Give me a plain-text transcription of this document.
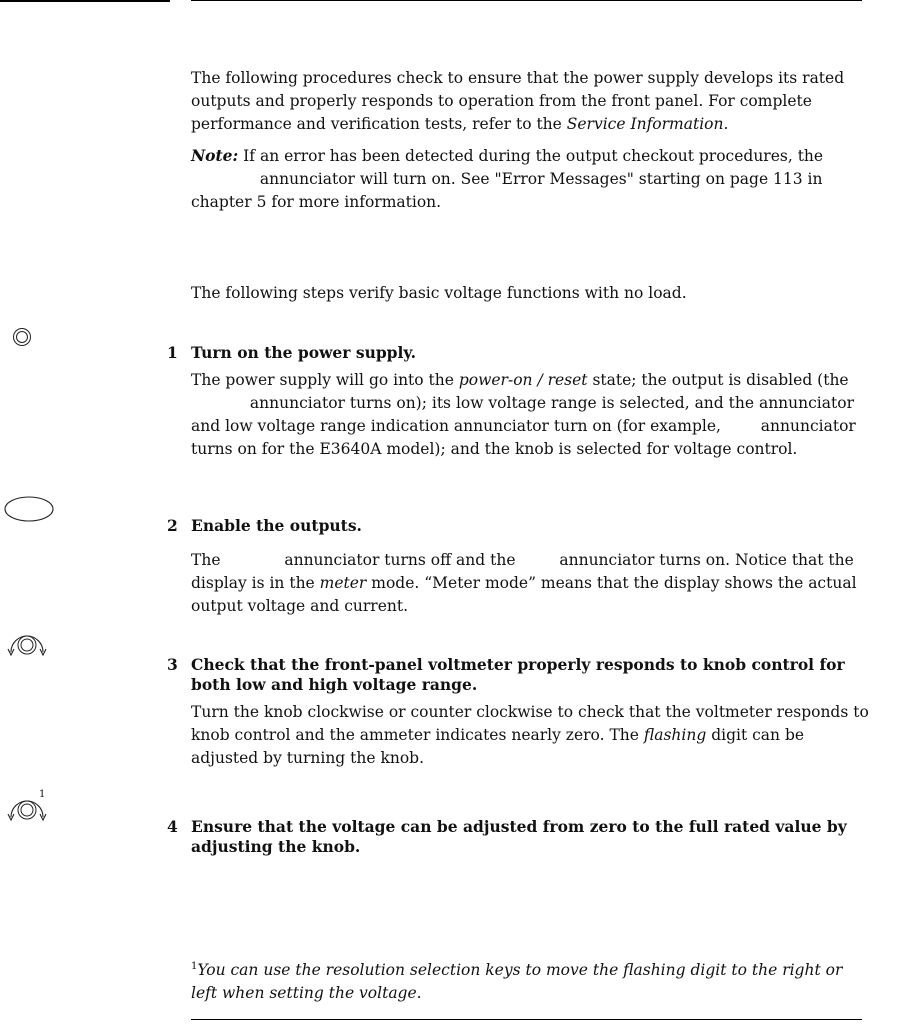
The following procedures check to ensure that the power supply develops its rated outputs and properly responds to operation from the front panel. For complete performance and verification tests, refer to the Service Information.

Note: If an error has been detected during the output checkout procedures, the  annunciator will turn on. See "Error Messages" starting on page 113 in chapter 5 for more information.

The following steps verify basic voltage functions with no load.

1
1 Turn on the power supply.
The power supply will go into the power-on / reset state; the output is disabled (the  annunciator turns on); its low voltage range is selected, and the annunciator and low voltage range indication annunciator turn on (for example,  annunciator turns on for the E3640A model); and the knob is selected for voltage control.
2 Enable the outputs.
The	annunciator turns off and the  annunciator turns on. Notice that the display is in the meter mode. “Meter mode” means that the display shows the actual output voltage and current.
3 Check that the front-panel voltmeter properly responds to knob control for both low and high voltage range.
Turn the knob clockwise or counter clockwise to check that the voltmeter responds to knob control and the ammeter indicates nearly zero. The flashing digit can be adjusted by turning the knob.
4 Ensure that the voltage can be adjusted from zero to the full rated value by adjusting the knob.

$^1$You can use the resolution selection keys to move the flashing digit to the right or left when setting the voltage.
